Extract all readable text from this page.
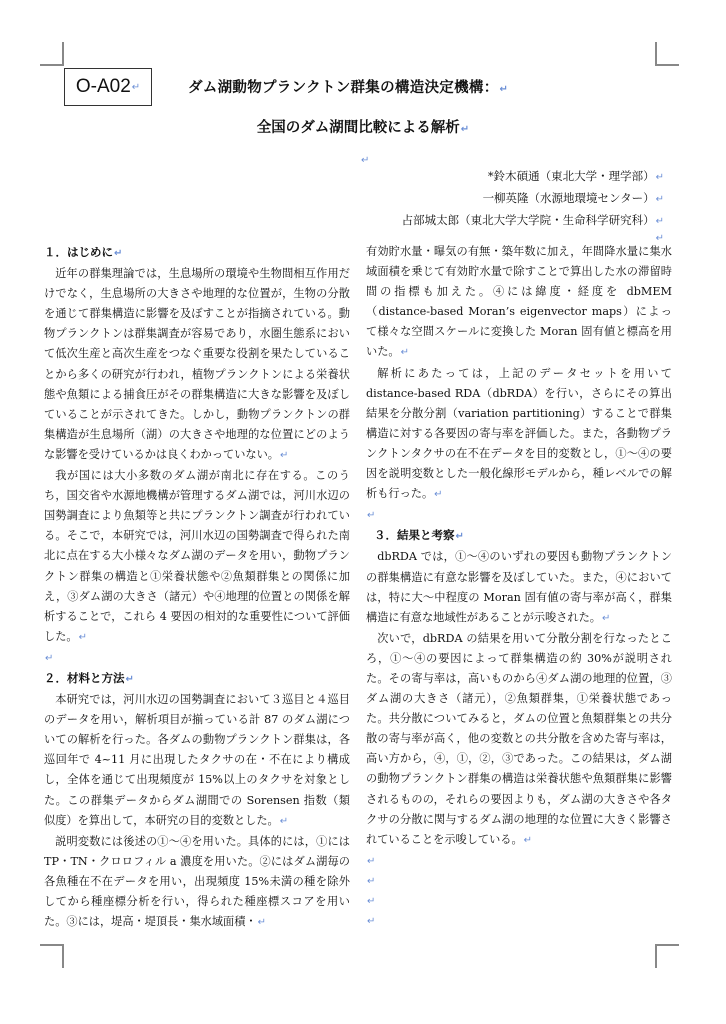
O-A02 ↵	ダム湖動物プランクトン群集の構造決定機構：↵
全国のダム湖間比較による解析↵
↵
*鈴木碩通（東北大学・理学部）↵
一柳英隆（水源地環境センター）↵
占部城太郎（東北大学大学院・生命科学研究科）↵
↵
１．はじめに↵

近年の群集理論では，生息場所の環境や生物間相互作用だけでなく，生息場所の大きさや地理的な位置が，生物の分散を通じて群集構造に影響を及ぼすことが指摘されている。動物プランクトンは群集調査が容易であり，水圏生態系において低次生産と高次生産をつなぐ重要な役割を果たしていることから多くの研究が行われ，植物プランクトンによる栄養状態や魚類による捕食圧がその群集構造に大きな影響を及ぼしていることが示されてきた。しかし，動物プランクトンの群集構造が生息場所（湖）の大きさや地理的な位置にどのような影響を受けているかは良くわかっていない。↵

我が国には大小多数のダム湖が南北に存在する。このうち，国交省や水源地機構が管理するダム湖では，河川水辺の国勢調査により魚類等と共にプランクトン調査が行われている。そこで，本研究では，河川水辺の国勢調査で得られた南北に点在する大小様々なダム湖のデータを用い，動物プランクトン群集の構造と①栄養状態や②魚類群集との関係に加え，③ダム湖の大きさ（諸元）や④地理的位置との関係を解析することで，これら 4 要因の相対的な重要性について評価した。↵

↵
２．材料と方法↵

本研究では，河川水辺の国勢調査において３巡目と４巡目のデータを用い，解析項目が揃っている計 87 のダム湖についての解析を行った。各ダムの動物プランクトン群集は，各巡回年で 4~11 月に出現したタクサの在・不在により構成し，全体を通じて出現頻度が 15%以上のタクサを対象とした。この群集データからダム湖間での Sorensen 指数（類似度）を算出して，本研究の目的変数とした。↵

説明変数には後述の①～④を用いた。具体的には，①には TP・TN・クロロフィル a 濃度を用いた。②にはダム湖毎の各魚種在不在データを用い，出現頻度 15%未満の種を除外してから種座標分析を行い，得られた種座標スコアを用いた。③には，堤高・堤頂長・集水域面積・↵

有効貯水量・曝気の有無・築年数に加え，年間降水量に集水域面積を乗じて有効貯水量で除すことで算出した水の滞留時間の指標も加えた。④には緯度・経度を dbMEM（distance-based Moran’s eigenvector maps）によって様々な空間スケールに変換した Moran 固有値と標高を用いた。↵

解析にあたっては，上記のデータセットを用いて distance-based RDA（dbRDA）を行い，さらにその算出結果を分散分割（variation partitioning）することで群集構造に対する各要因の寄与率を評価した。また，各動物プランクトンタクサの在不在データを目的変数とし，①～④の要因を説明変数とした一般化線形モデルから，種レベルでの解析も行った。↵

↵
３．結果と考察↵

dbRDA では，①～④のいずれの要因も動物プランクトンの群集構造に有意な影響を及ぼしていた。また，④においては，特に大～中程度の Moran 固有値の寄与率が高く，群集構造に有意な地域性があることが示唆された。↵

次いで，dbRDA の結果を用いて分散分割を行なったところ，①～④の要因によって群集構造の約 30%が説明された。その寄与率は，高いものから④ダム湖の地理的位置，③ダム湖の大きさ（諸元），②魚類群集，①栄養状態であった。共分散についてみると，ダムの位置と魚類群集との共分散の寄与率が高く，他の変数との共分散を含めた寄与率は，高い方から，④，①，②，③であった。この結果は，ダム湖の動物プランクトン群集の構造は栄養状態や魚類群集に影響されるものの，それらの要因よりも，ダム湖の大きさや各タクサの分散に関与するダム湖の地理的な位置に大きく影響されていることを示唆している。↵

↵
↵
↵
↵
